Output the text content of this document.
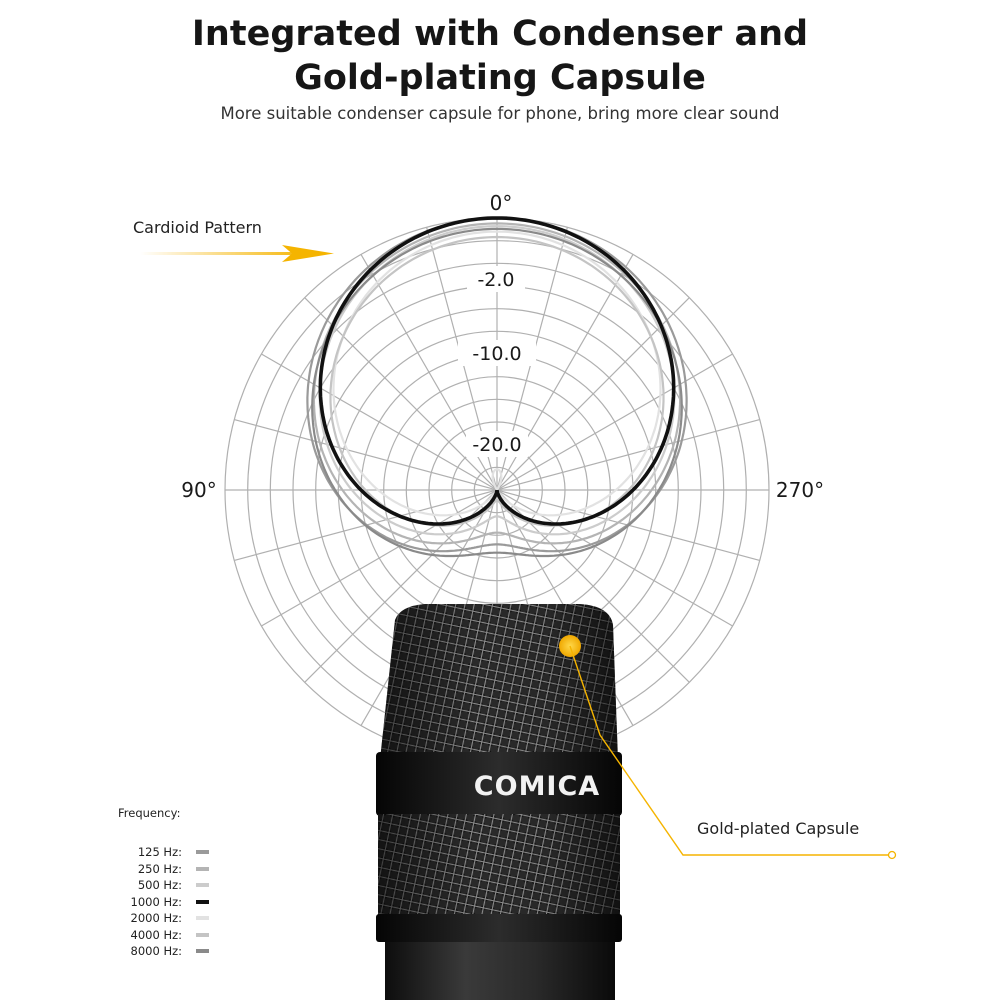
Integrated with Condenser and
Gold-plating Capsule
More suitable condenser capsule for phone, bring more clear sound
0°
90°	270°
-2.0
-10.0
-20.0
Cardioid Pattern
COMICA
Gold-plated Capsule
Frequency:
125 Hz:
250 Hz:
500 Hz:
1000 Hz:
2000 Hz:
4000 Hz:
8000 Hz:
